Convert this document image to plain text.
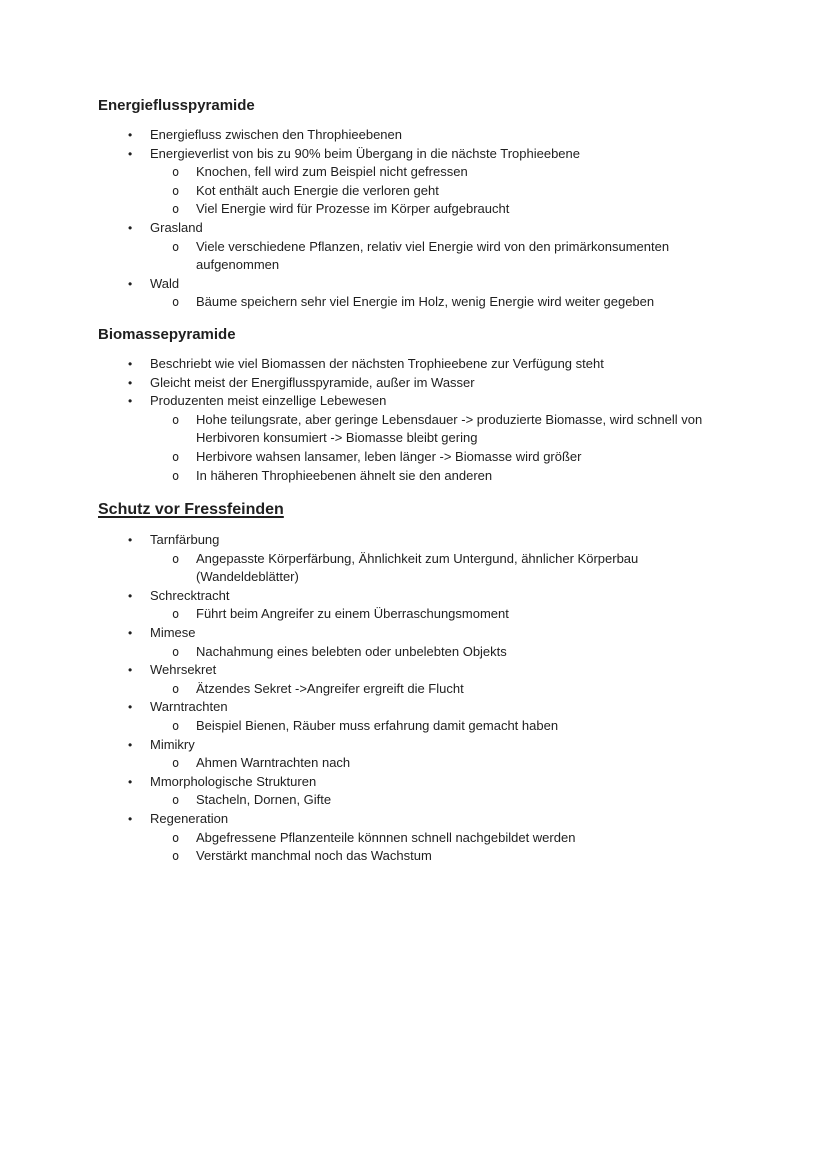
Energieflusspyramide
•	Energiefluss zwischen den Throphieebenen
•	Energieverlist von bis zu 90% beim Übergang in die nächste Trophieebene
o	Knochen, fell wird zum Beispiel nicht gefressen
o	Kot enthält auch Energie die verloren geht
o	Viel Energie wird für Prozesse im Körper aufgebraucht
•	Grasland
o	Viele verschiedene Pflanzen, relativ viel Energie wird von den primärkonsumenten aufgenommen
•	Wald
o	Bäume speichern sehr viel Energie im Holz, wenig Energie wird weiter gegeben
Biomassepyramide
•	Beschriebt wie viel Biomassen der nächsten Trophieebene zur Verfügung steht
•	Gleicht meist der Energiflusspyramide, außer im Wasser
•	Produzenten meist einzellige Lebewesen
o	Hohe teilungsrate, aber geringe Lebensdauer -> produzierte Biomasse, wird schnell von Herbivoren konsumiert -> Biomasse bleibt gering
o	Herbivore wahsen lansamer, leben länger -> Biomasse wird größer
o	In häheren Throphieebenen ähnelt sie den anderen
Schutz vor Fressfeinden
•	Tarnfärbung
o	Angepasste Körperfärbung, Ähnlichkeit zum Untergund, ähnlicher Körperbau (Wandeldeblätter)
•	Schrecktracht
o	Führt beim Angreifer zu einem Überraschungsmoment
•	Mimese
o	Nachahmung eines belebten oder unbelebten Objekts
•	Wehrsekret
o	Ätzendes Sekret ->Angreifer ergreift die Flucht
•	Warntrachten
o	Beispiel Bienen, Räuber muss erfahrung damit gemacht haben
•	Mimikry
o	Ahmen Warntrachten nach
•	Mmorphologische Strukturen
o	Stacheln, Dornen, Gifte
•	Regeneration
o	Abgefressene Pflanzenteile könnnen schnell nachgebildet werden
o	Verstärkt manchmal noch das Wachstum
